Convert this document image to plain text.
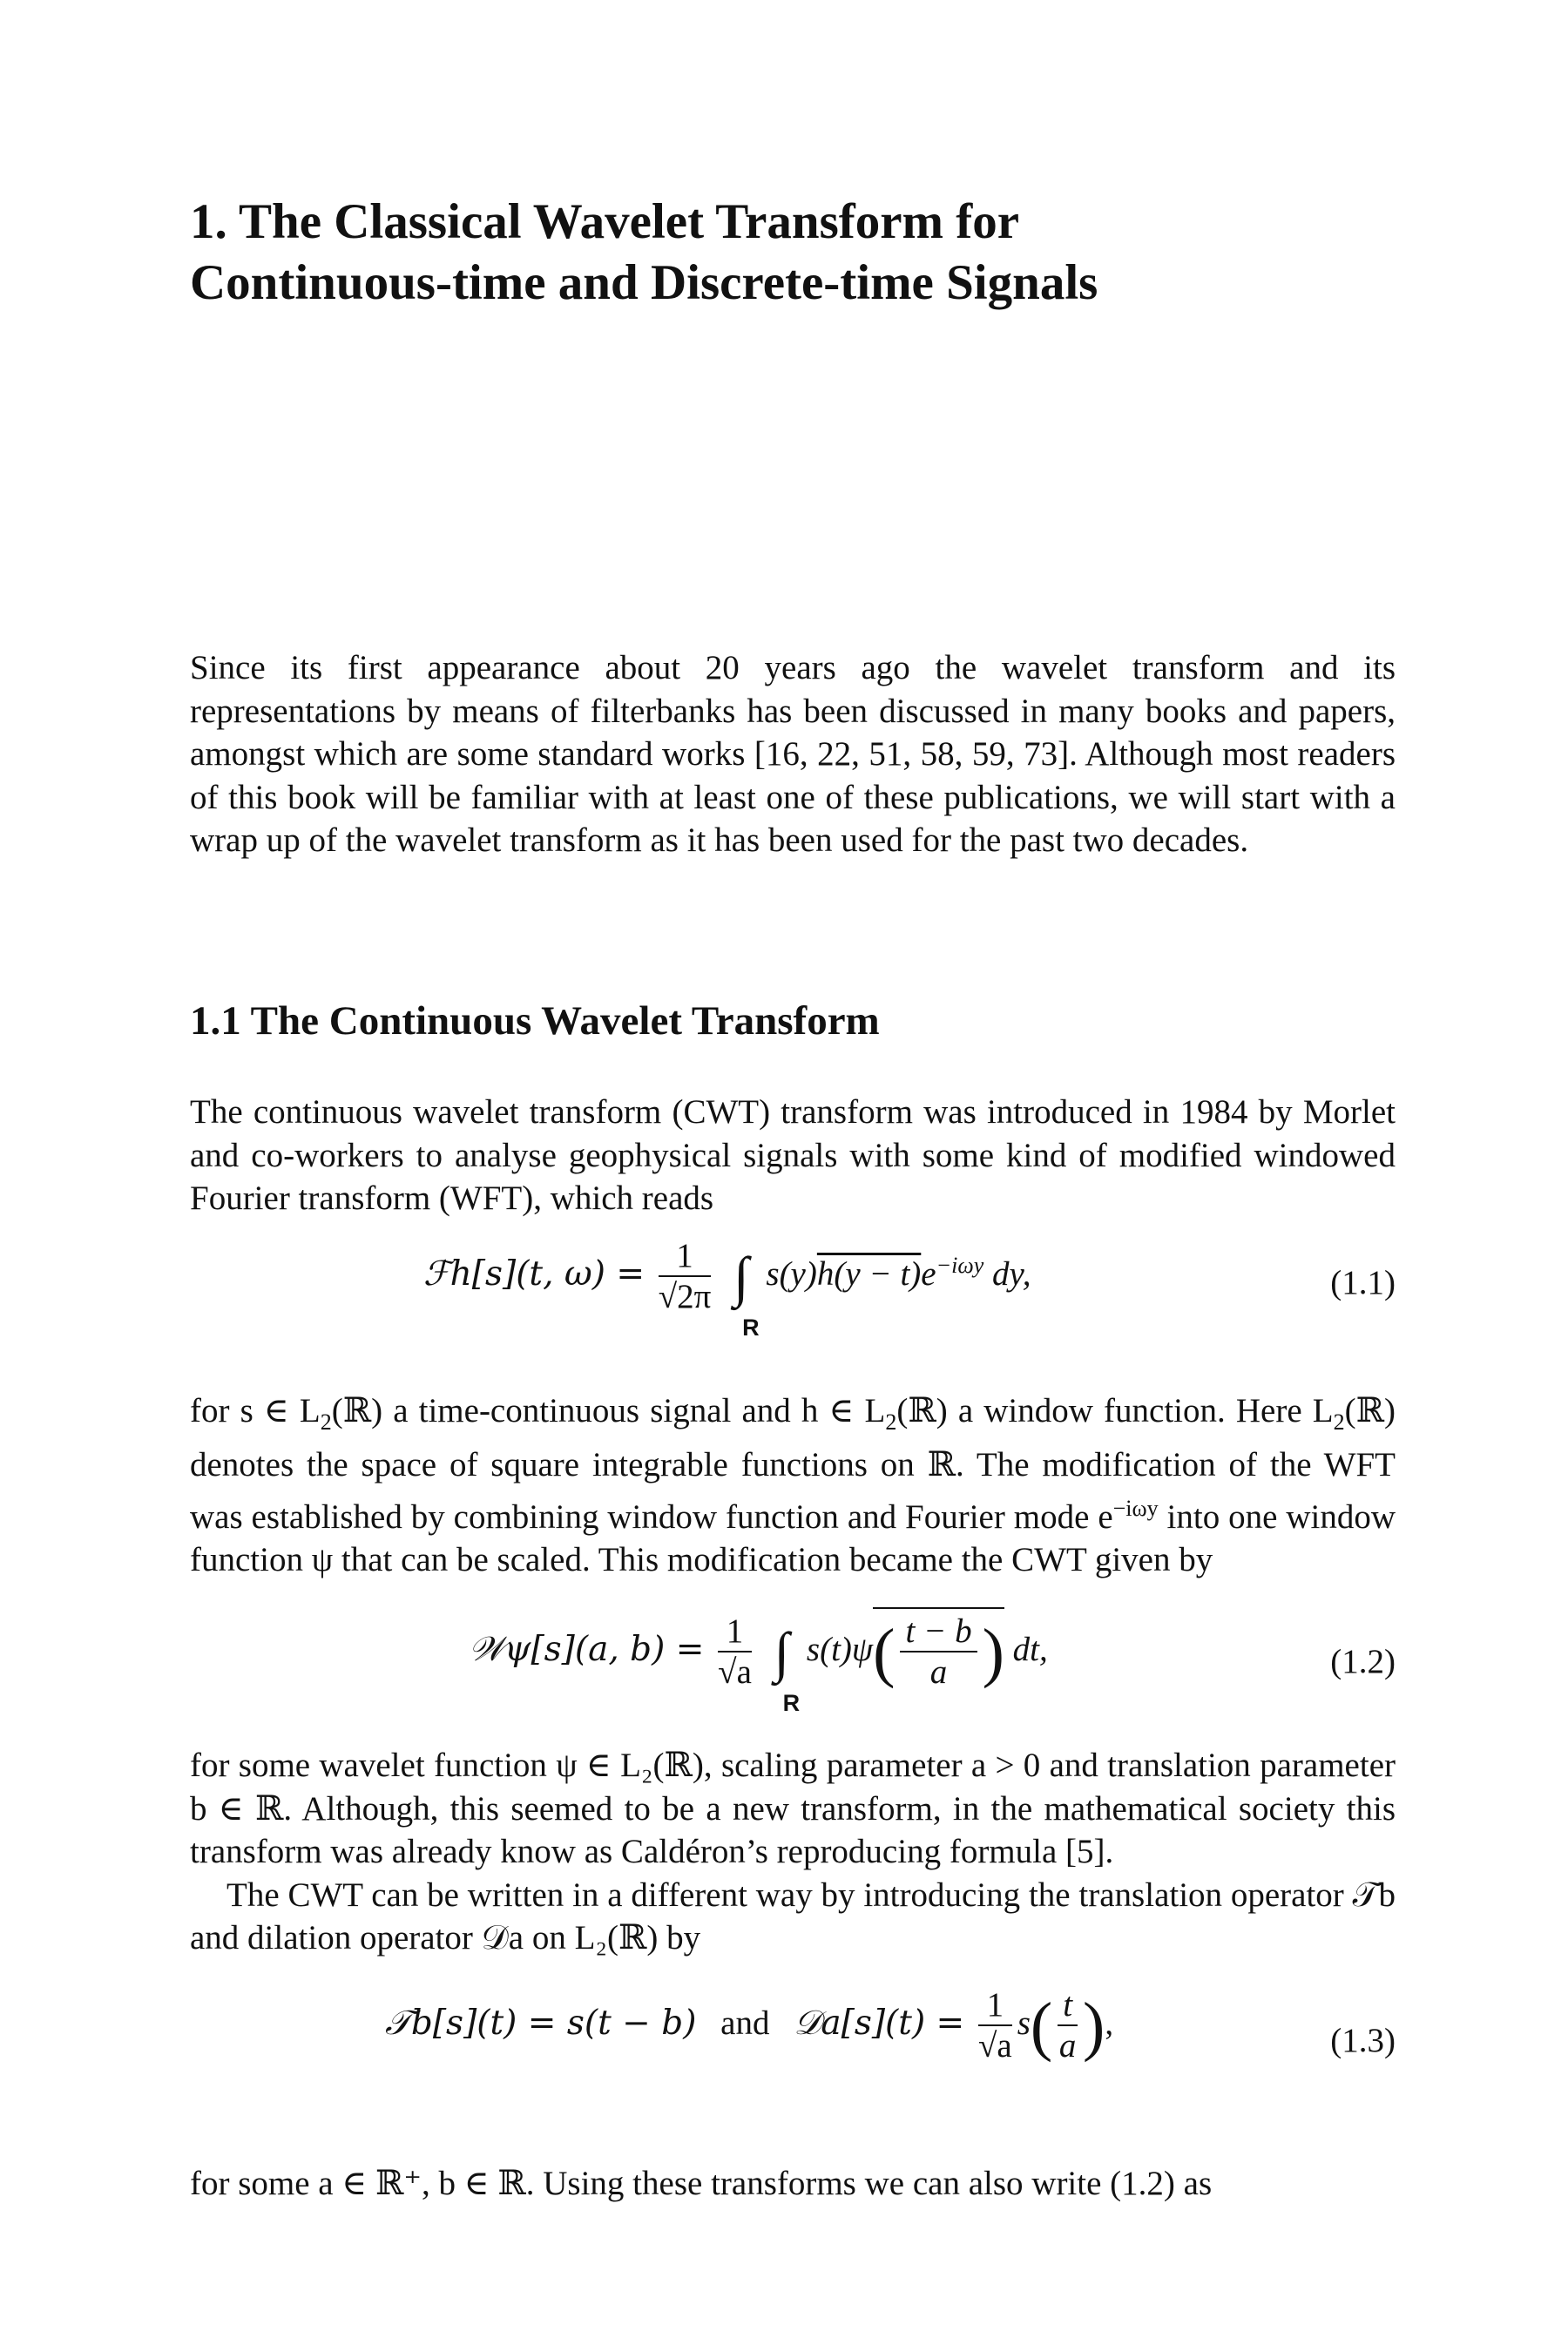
1. The Classical Wavelet Transform for
Continuous-time and Discrete-time Signals

Since its first appearance about 20 years ago the wavelet transform and its representations by means of filterbanks has been discussed in many books and papers, amongst which are some standard works [16, 22, 51, 58, 59, 73]. Although most readers of this book will be familiar with at least one of these publications, we will start with a wrap up of the wavelet transform as it has been used for the past two decades.

1.1 The Continuous Wavelet Transform

The continuous wavelet transform (CWT) transform was introduced in 1984 by Morlet and co-workers to analyse geophysical signals with some kind of modified windowed Fourier transform (WFT), which reads

ℱh[s](t, $\omega) = \frac{1}{√2\pi}$ ∫
R
$s(y)h(y - t)e^{-i\omega y}$ dy,	(1.1)

for s ∈ $L_2(ℝ)$ a time-continuous signal and h ∈ $L_2(ℝ)$ a window function. Here $L_2(ℝ)$ denotes the space of square integrable functions on ℝ. The modification of the WFT was established by combining window function and Fourier mode $e^{-i\omega y}$ into one window function ψ that can be scaled. This modification became the CWT given by

𝒲ψ[s](a, $b) = \frac{1}{√a}$ ∫
R
$s(t)\psi( \frac{t - b}{a}$ ) dt,	(1.2)

for some wavelet function ψ ∈ L₂(ℝ), scaling parameter a > 0 and translation parameter b ∈ ℝ. Although, this seemed to be a new transform, in the mathematical society this transform was already know as Caldéron’s reproducing formula [5].

The CWT can be written in a different way by introducing the translation operator 𝒯b and dilation operator 𝒟a on L₂(ℝ) by

𝒯b[s](t) = s(t − b) and 𝒟a[s](t) = $\frac{1}{√a} s( \frac{t}{a}$ ),	(1.3)

for some a ∈ ℝ⁺, b ∈ ℝ. Using these transforms we can also write (1.2) as
